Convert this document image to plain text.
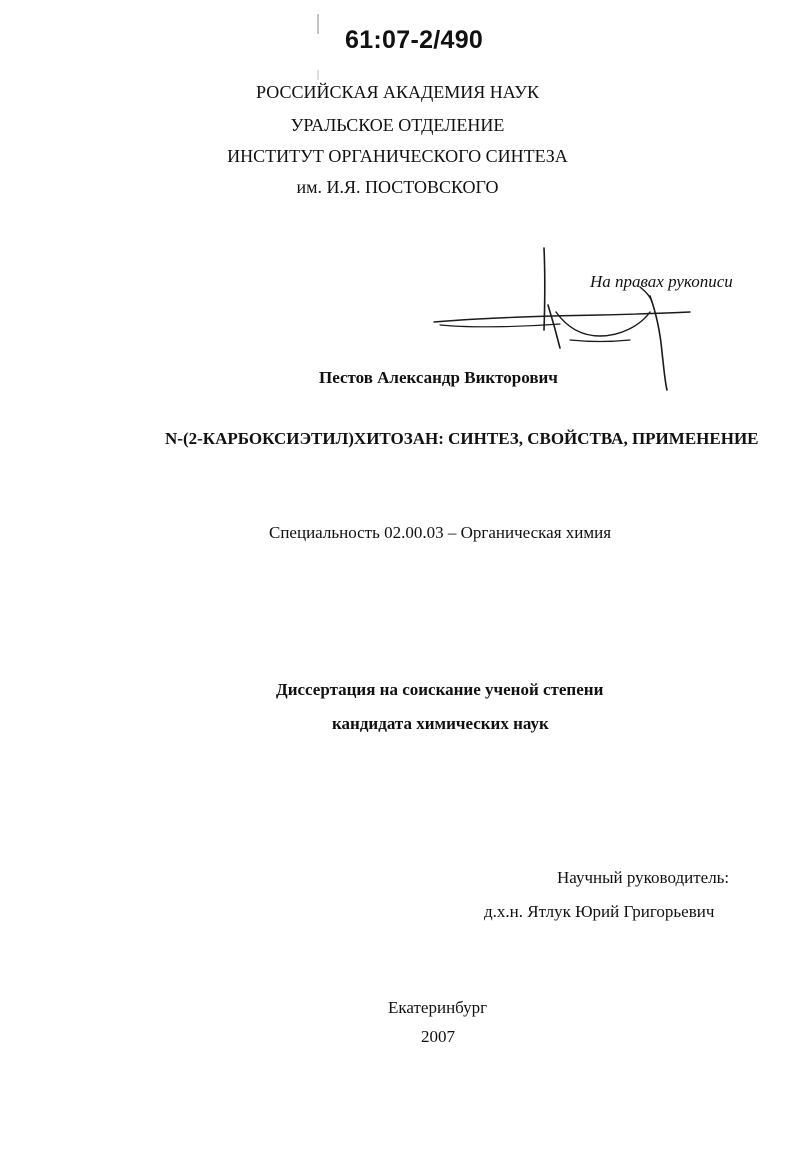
61:07-2/490
РОССИЙСКАЯ АКАДЕМИЯ НАУК
УРАЛЬСКОЕ ОТДЕЛЕНИЕ
ИНСТИТУТ ОРГАНИЧЕСКОГО СИНТЕЗА
им. И.Я. ПОСТОВСКОГО
На правах рукописи
Пестов Александр Викторович
N-(2-КАРБОКСИЭТИЛ)ХИТОЗАН: СИНТЕЗ, СВОЙСТВА, ПРИМЕНЕНИЕ
Специальность 02.00.03 – Органическая химия
Диссертация на соискание ученой степени
кандидата химических наук
Научный руководитель:
д.х.н. Ятлук Юрий Григорьевич
Екатеринбург
2007
